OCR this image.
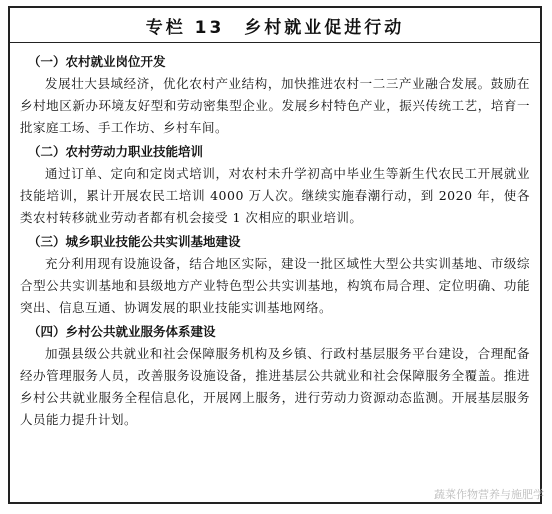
专栏 13　乡村就业促进行动
（一）农村就业岗位开发
发展壮大县域经济，优化农村产业结构，加快推进农村一二三产业融合发展。鼓励在乡村地区新办环境友好型和劳动密集型企业。发展乡村特色产业，振兴传统工艺，培育一批家庭工场、手工作坊、乡村车间。
（二）农村劳动力职业技能培训
通过订单、定向和定岗式培训，对农村未升学初高中毕业生等新生代农民工开展就业技能培训，累计开展农民工培训 4000 万人次。继续实施春潮行动，到 2020 年，使各类农村转移就业劳动者都有机会接受 1 次相应的职业培训。
（三）城乡职业技能公共实训基地建设
充分利用现有设施设备，结合地区实际，建设一批区域性大型公共实训基地、市级综合型公共实训基地和县级地方产业特色型公共实训基地，构筑布局合理、定位明确、功能突出、信息互通、协调发展的职业技能实训基地网络。
（四）乡村公共就业服务体系建设
加强县级公共就业和社会保障服务机构及乡镇、行政村基层服务平台建设，合理配备经办管理服务人员，改善服务设施设备，推进基层公共就业和社会保障服务全覆盖。推进乡村公共就业服务全程信息化，开展网上服务，进行劳动力资源动态监测。开展基层服务人员能力提升计划。
蔬菜作物营养与施肥学
